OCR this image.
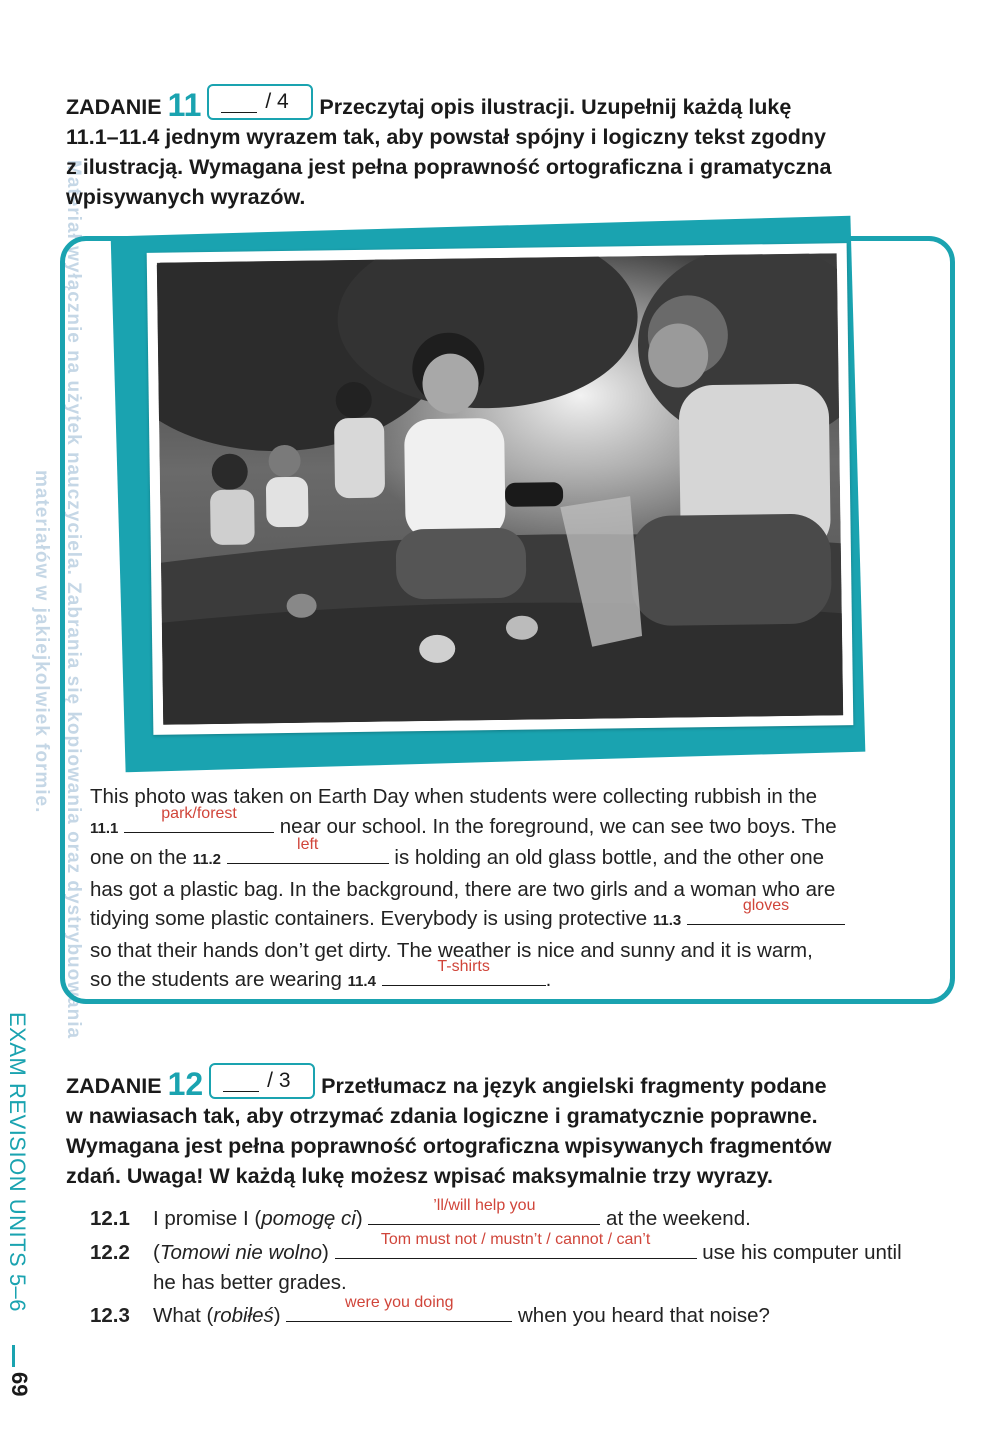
Materiał wyłącznie na użytek nauczyciela. Zabrania się kopiowania oraz dystrybuowania
materiałów w jakiejkolwiek formie.
ZADANIE 11	/ 4 Przeczytaj opis ilustracji. Uzupełnij każdą lukę
11.1–11.4 jednym wyrazem tak, aby powstał spójny i logiczny tekst zgodny
z ilustracją. Wymagana jest pełna poprawność ortograficzna i gramatyczna
wpisywanych wyrazów.
This photo was taken on Earth Day when students were collecting rubbish in the
11.1
park/forest
near our school. In the foreground, we can see two boys. The
one on the 11.2
left
is holding an old glass bottle, and the other one
has got a plastic bag. In the background, there are two girls and a woman who are
tidying some plastic containers. Everybody is using protective 11.3
gloves
so that their hands don’t get dirty. The weather is nice and sunny and it is warm,
so the students are wearing 11.4
T-shirts
.
ZADANIE 12	/ 3 Przetłumacz na język angielski fragmenty podane
w nawiasach tak, aby otrzymać zdania logiczne i gramatycznie poprawne.
Wymagana jest pełna poprawność ortograficzna wpisywanych fragmentów
zdań. Uwaga! W każdą lukę możesz wpisać maksymalnie trzy wyrazy.
12.1 I promise I (pomogę ci)
’ll/will help you
at the weekend.
12.2 (Tomowi nie wolno)
Tom must not / mustn’t / cannot / can’t
use his computer until
he has better grades.
12.3 What (robiłeś)
were you doing
when you heard that noise?
EXAM REVISION UNITS 5–6
69
